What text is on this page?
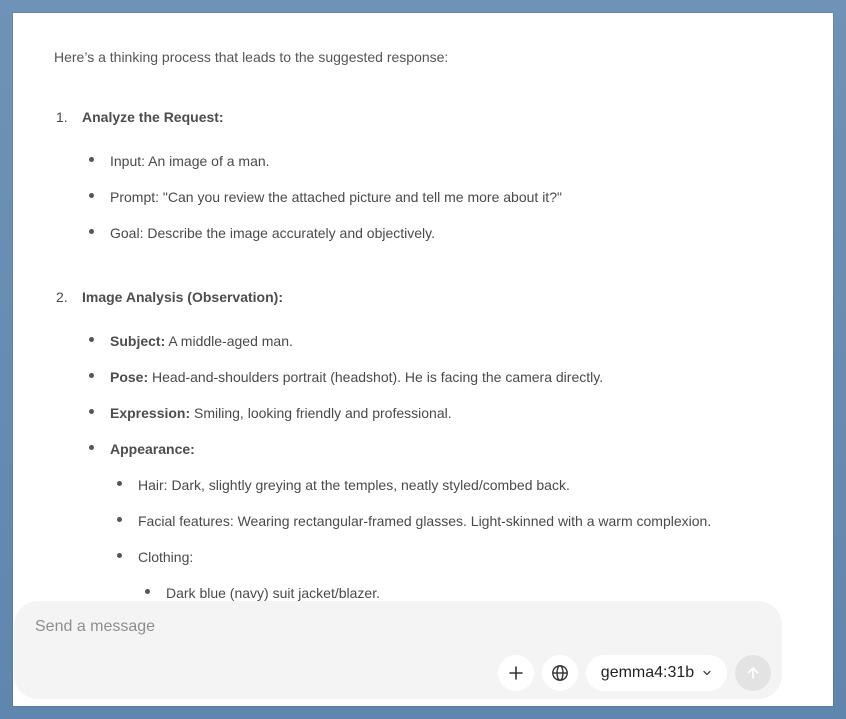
Here’s a thinking process that leads to the suggested response:
1. Analyze the Request:
Input: An image of a man.
Prompt: "Can you review the attached picture and tell me more about it?"
Goal: Describe the image accurately and objectively.
2. Image Analysis (Observation):
Subject: A middle-aged man.
Pose: Head-and-shoulders portrait (headshot). He is facing the camera directly.
Expression: Smiling, looking friendly and professional.
Appearance:
Hair: Dark, slightly greying at the temples, neatly styled/combed back.
Facial features: Wearing rectangular-framed glasses. Light-skinned with a warm complexion.
Clothing:
Dark blue (navy) suit jacket/blazer.
Send a message
gemma4:31b
